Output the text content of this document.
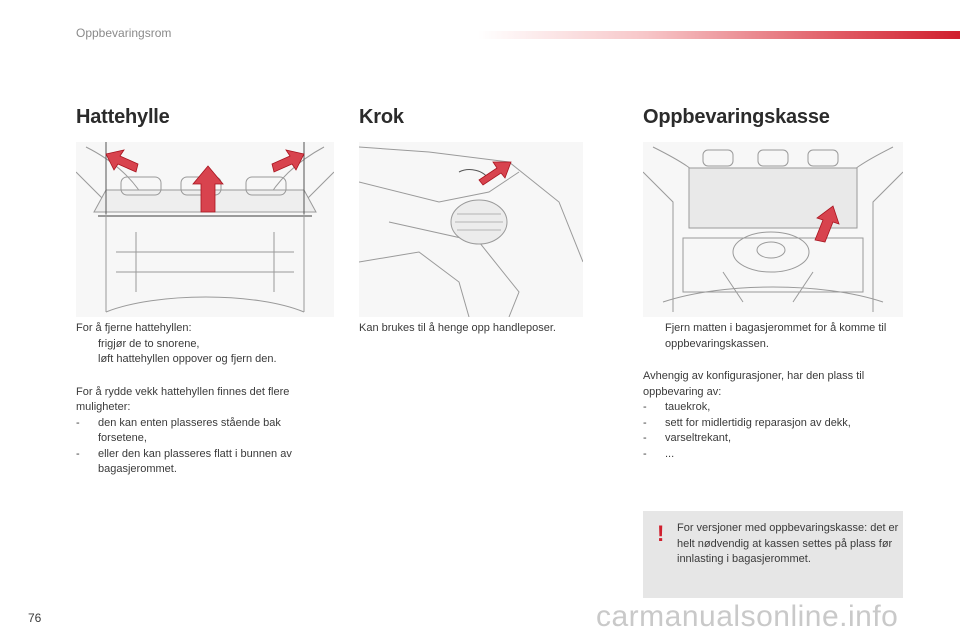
Oppbevaringsrom
Hattehylle

For å fjerne hattehyllen:

frigjør de to snorene,

løft hattehyllen oppover og fjern den.

For å rydde vekk hattehyllen finnes det flere muligheter:

- den kan enten plasseres stående bak forsetene,

- eller den kan plasseres flatt i bunnen av bagasjerommet.

Krok

Kan brukes til å henge opp handleposer.

Oppbevaringskasse

Fjern matten i bagasjerommet for å komme til oppbevaringskassen.

Avhengig av konfigurasjoner, har den plass til oppbevaring av:

- tauekrok,

- sett for midlertidig reparasjon av dekk,

- varseltrekant,

- ...

! For versjoner med oppbevaringskasse: det er helt nødvendig at kassen settes på plass før innlasting i bagasjerommet.
76	carmanualsonline.info
